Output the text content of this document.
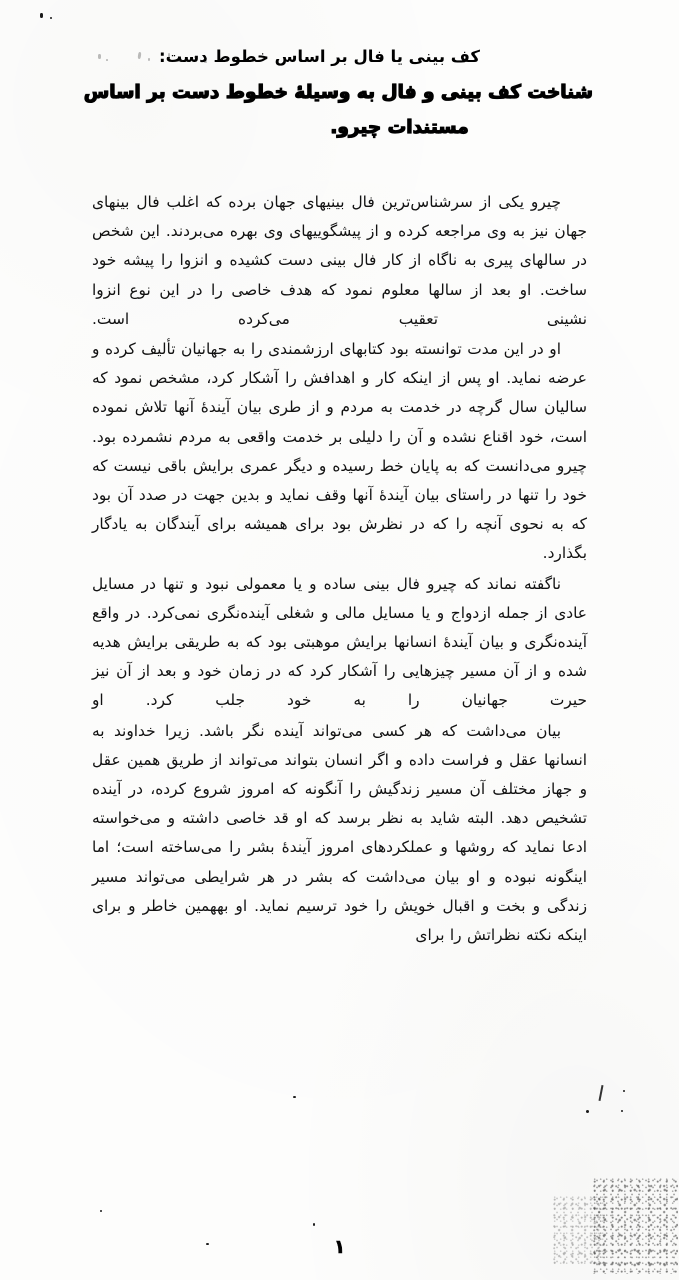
کف بینی یا فال بر اساس خطوط دست:
شناخت کف بینی و فال به وسیلهٔ خطوط دست بر اساس
مستندات چیرو.

چیرو یکی از سرشناس‌ترین فال بینیهای جهان برده که اغلب فال بینهای جهان نیز به وی مراجعه کرده و از پیشگوییهای وی بهره می‌بردند. این شخص در سالهای پیری به ناگاه از کار فال بینی دست کشیده و انزوا را پیشه خود ساخت. او بعد از سالها معلوم نمود که هدف خاصی را در این نوع انزوا نشینی تعقیب می‌کرده است.

او در این مدت توانسته بود کتابهای ارزشمندی را به جهانیان تألیف کرده و عرضه نماید. او پس از اینکه کار و اهدافش را آشکار کرد، مشخص نمود که سالیان سال گرچه در خدمت به مردم و از طری بیان آیندهٔ آنها تلاش نموده است، خود اقناع نشده و آن را دلیلی بر خدمت واقعی به مردم نشمرده بود. چیرو می‌دانست که به پایان خط رسیده و دیگر عمری برایش باقی نیست که خود را تنها در راستای بیان آیندهٔ آنها وقف نماید و بدین جهت در صدد آن بود که به نحوی آنچه را که در نظرش بود برای همیشه برای آیندگان به یادگار بگذارد.

ناگفته نماند که چیرو فال بینی ساده و یا معمولی نبود و تنها در مسایل عادی از جمله ازدواج و یا مسایل مالی و شغلی آینده‌نگری نمی‌کرد. در واقع آینده‌نگری و بیان آیندهٔ انسانها برایش موهبتی بود که به طریقی برایش هدیه شده و از آن مسیر چیزهایی را آشکار کرد که در زمان خود و بعد از آن نیز حیرت جهانیان را به خود جلب کرد. او

بیان می‌داشت که هر کسی می‌تواند آینده نگر باشد. زیرا خداوند به انسانها عقل و فراست داده و اگر انسان بتواند می‌تواند از طریق همین عقل و جهاز مختلف آن مسیر زندگیش را آنگونه که امروز شروع کرده، در آینده تشخیص دهد. البته شاید به نظر برسد که او قد خاصی داشته و می‌خواسته ادعا نماید که روشها و عملکردهای امروز آیندهٔ بشر را می‌ساخته است؛ اما اینگونه نبوده و او بیان می‌داشت که بشر در هر شرایطی می‌تواند مسیر زندگی و بخت و اقبال خویش را خود ترسیم نماید. او بههمین خاطر و برای اینکه نکته نظراتش را برای

۱
